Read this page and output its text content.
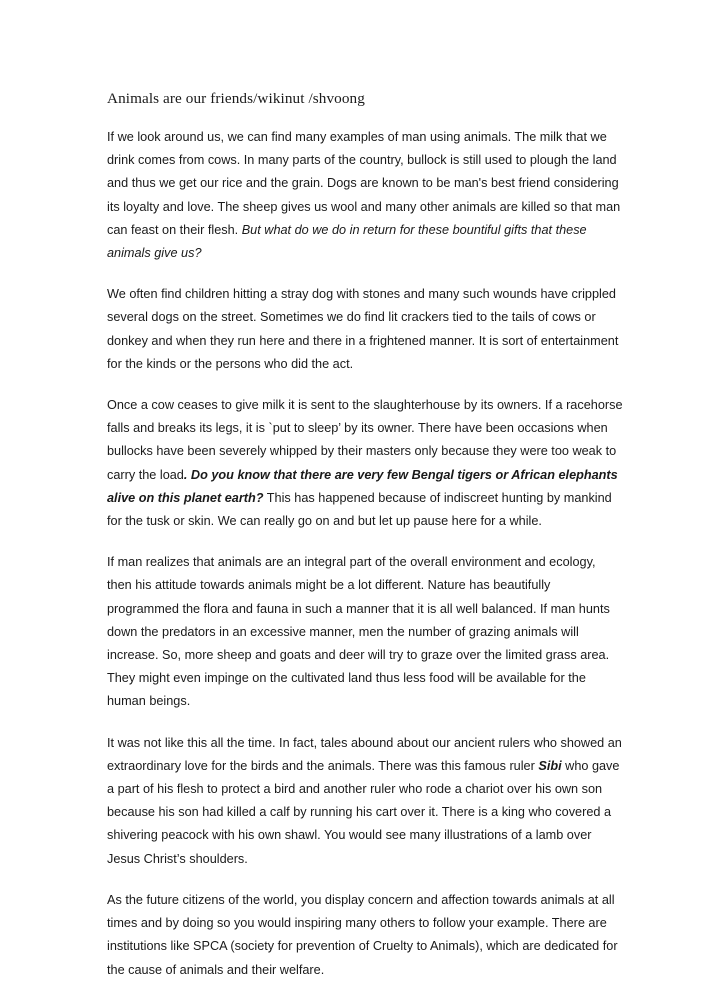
Animals are our friends/wikinut /shvoong

If we look around us, we can find many examples of man using animals. The milk that we drink comes from cows. In many parts of the country, bullock is still used to plough the land and thus we get our rice and the grain. Dogs are known to be man's best friend considering its loyalty and love. The sheep gives us wool and many other animals are killed so that man can feast on their flesh. But what do we do in return for these bountiful gifts that these animals give us?

We often find children hitting a stray dog with stones and many such wounds have crippled several dogs on the street. Sometimes we do find lit crackers tied to the tails of cows or donkey and when they run here and there in a frightened manner. It is sort of entertainment for the kinds or the persons who did the act.

Once a cow ceases to give milk it is sent to the slaughterhouse by its owners. If a racehorse falls and breaks its legs, it is `put to sleep’ by its owner. There have been occasions when bullocks have been severely whipped by their masters only because they were too weak to carry the load. Do you know that there are very few Bengal tigers or African elephants alive on this planet earth? This has happened because of indiscreet hunting by mankind for the tusk or skin. We can really go on and but let up pause here for a while.

If man realizes that animals are an integral part of the overall environment and ecology, then his attitude towards animals might be a lot different. Nature has beautifully programmed the flora and fauna in such a manner that it is all well balanced. If man hunts down the predators in an excessive manner, men the number of grazing animals will increase. So, more sheep and goats and deer will try to graze over the limited grass area. They might even impinge on the cultivated land thus less food will be available for the human beings.

It was not like this all the time. In fact, tales abound about our ancient rulers who showed an extraordinary love for the birds and the animals. There was this famous ruler Sibi who gave a part of his flesh to protect a bird and another ruler who rode a chariot over his own son because his son had killed a calf by running his cart over it. There is a king who covered a shivering peacock with his own shawl. You would see many illustrations of a lamb over Jesus Christ’s shoulders.

As the future citizens of the world, you display concern and affection towards animals at all times and by doing so you would inspiring many others to follow your example. There are institutions like SPCA (society for prevention of Cruelty to Animals), which are dedicated for the cause of animals and their welfare.
